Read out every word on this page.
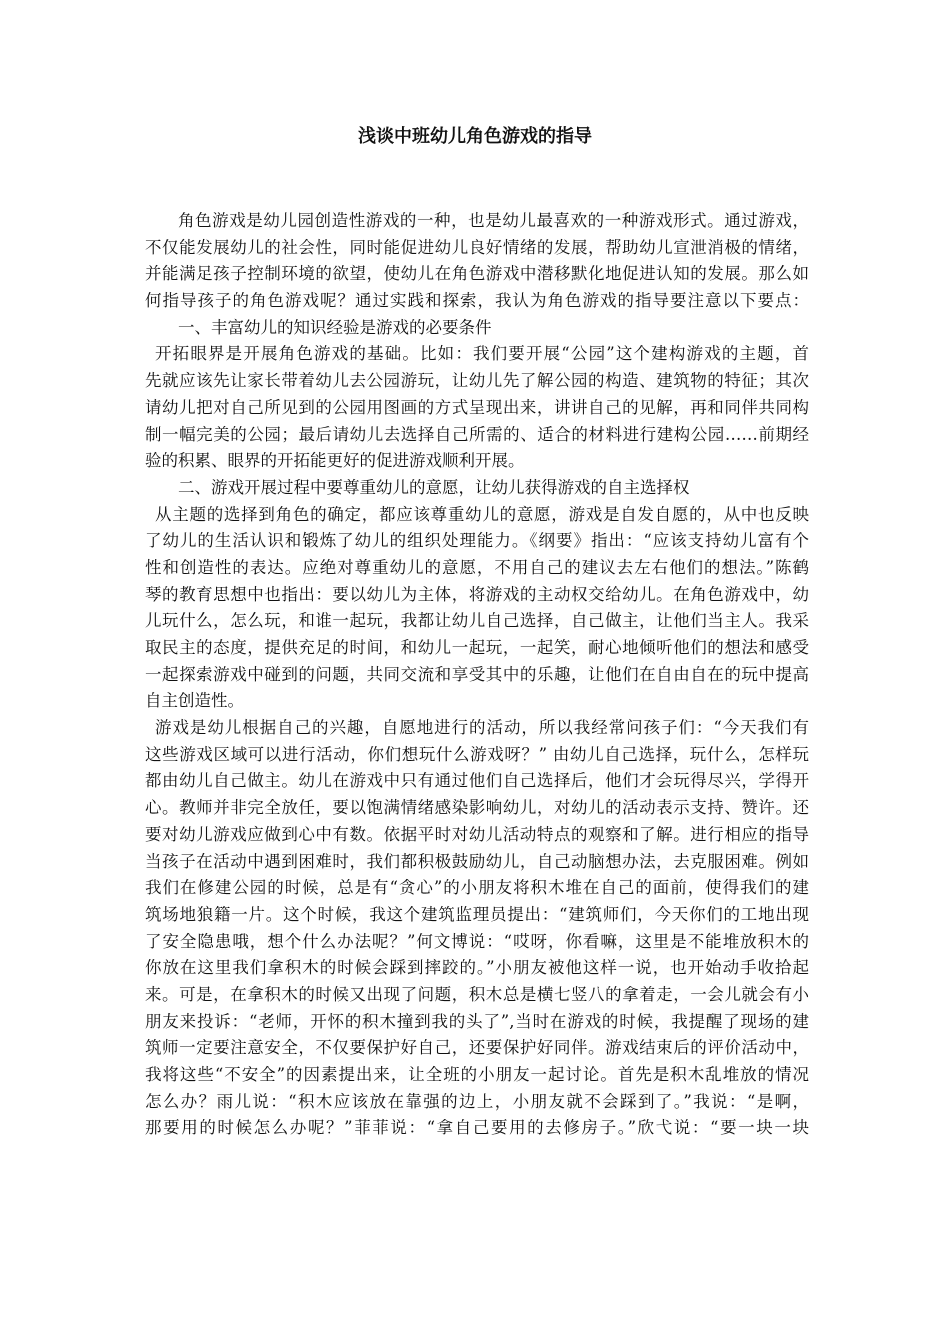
浅谈中班幼儿角色游戏的指导
角色游戏是幼儿园创造性游戏的一种，也是幼儿最喜欢的一种游戏形式。通过游戏，
不仅能发展幼儿的社会性，同时能促进幼儿良好情绪的发展，帮助幼儿宣泄消极的情绪，
并能满足孩子控制环境的欲望，使幼儿在角色游戏中潜移默化地促进认知的发展。那么如
何指导孩子的角色游戏呢？通过实践和探索，我认为角色游戏的指导要注意以下要点：
一、丰富幼儿的知识经验是游戏的必要条件
开拓眼界是开展角色游戏的基础。比如：我们要开展“公园”这个建构游戏的主题，首
先就应该先让家长带着幼儿去公园游玩，让幼儿先了解公园的构造、建筑物的特征；其次
请幼儿把对自己所见到的公园用图画的方式呈现出来，讲讲自己的见解，再和同伴共同构
制一幅完美的公园；最后请幼儿去选择自己所需的、适合的材料进行建构公园……前期经
验的积累、眼界的开拓能更好的促进游戏顺利开展。
二、游戏开展过程中要尊重幼儿的意愿，让幼儿获得游戏的自主选择权
从主题的选择到角色的确定，都应该尊重幼儿的意愿，游戏是自发自愿的，从中也反映
了幼儿的生活认识和锻炼了幼儿的组织处理能力。《纲要》指出：“应该支持幼儿富有个
性和创造性的表达。应绝对尊重幼儿的意愿，不用自己的建议去左右他们的想法。”陈鹤
琴的教育思想中也指出：要以幼儿为主体，将游戏的主动权交给幼儿。在角色游戏中，幼
儿玩什么，怎么玩，和谁一起玩，我都让幼儿自己选择，自己做主，让他们当主人。我采
取民主的态度，提供充足的时间，和幼儿一起玩，一起笑，耐心地倾听他们的想法和感受
一起探索游戏中碰到的问题，共同交流和享受其中的乐趣，让他们在自由自在的玩中提高
自主创造性。
游戏是幼儿根据自己的兴趣，自愿地进行的活动，所以我经常问孩子们：“今天我们有
这些游戏区域可以进行活动，你们想玩什么游戏呀？” 由幼儿自己选择，玩什么，怎样玩
都由幼儿自己做主。幼儿在游戏中只有通过他们自己选择后，他们才会玩得尽兴，学得开
心。教师并非完全放任，要以饱满情绪感染影响幼儿，对幼儿的活动表示支持、赞许。还
要对幼儿游戏应做到心中有数。依据平时对幼儿活动特点的观察和了解。进行相应的指导
当孩子在活动中遇到困难时，我们都积极鼓励幼儿，自己动脑想办法，去克服困难。例如
我们在修建公园的时候，总是有“贪心”的小朋友将积木堆在自己的面前，使得我们的建
筑场地狼籍一片。这个时候，我这个建筑监理员提出：“建筑师们，今天你们的工地出现
了安全隐患哦，想个什么办法呢？”何文博说：“哎呀，你看嘛，这里是不能堆放积木的
你放在这里我们拿积木的时候会踩到摔跤的。”小朋友被他这样一说，也开始动手收拾起
来。可是，在拿积木的时候又出现了问题，积木总是横七竖八的拿着走，一会儿就会有小
朋友来投诉：“老师，开怀的积木撞到我的头了”,当时在游戏的时候，我提醒了现场的建
筑师一定要注意安全，不仅要保护好自己，还要保护好同伴。游戏结束后的评价活动中，
我将这些“不安全”的因素提出来，让全班的小朋友一起讨论。首先是积木乱堆放的情况
怎么办？雨儿说：“积木应该放在靠强的边上，小朋友就不会踩到了。”我说：“是啊，
那要用的时候怎么办呢？”菲菲说：“拿自己要用的去修房子。”欣弋说：“要一块一块
